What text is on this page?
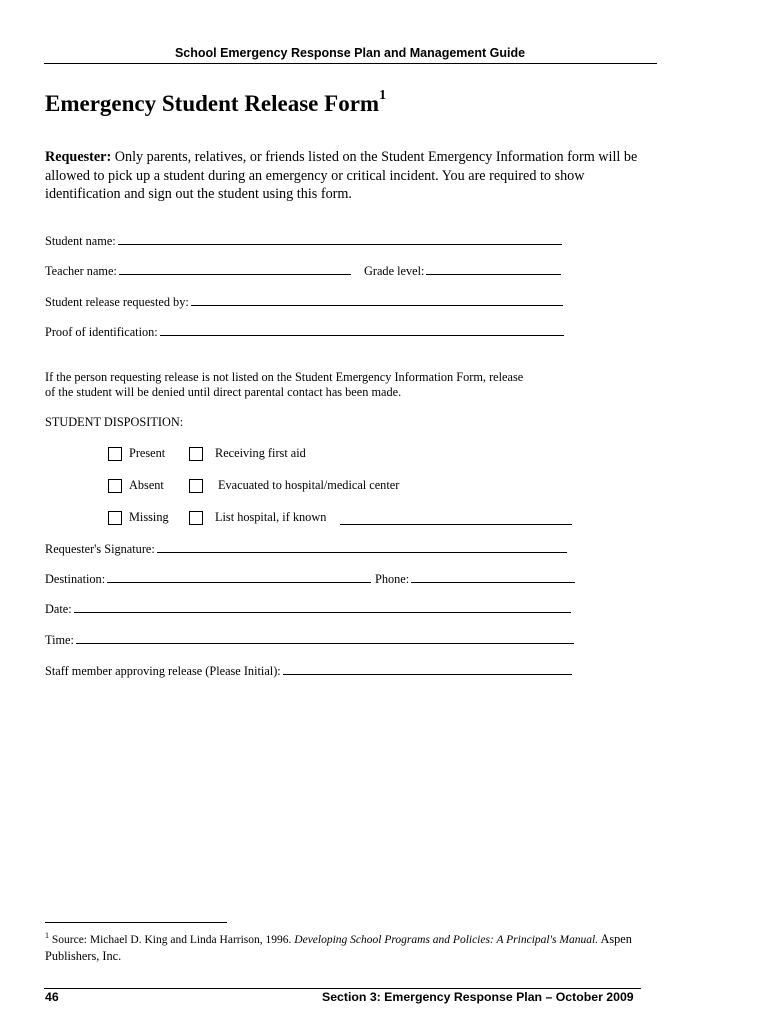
School Emergency Response Plan and Management Guide
Emergency Student Release Form$^1$
Requester: Only parents, relatives, or friends listed on the Student Emergency Information form will be allowed to pick up a student during an emergency or critical incident. You are required to show identification and sign out the student using this form.
Student name:
Teacher name:	Grade level:
Student release requested by:
Proof of identification:
If the person requesting release is not listed on the Student Emergency Information Form, release
of the student will be denied until direct parental contact has been made.
STUDENT DISPOSITION:
Present	Receiving first aid
Absent	Evacuated to hospital/medical center
Missing	List hospital, if known
Requester's Signature:
Destination:	Phone:
Date:
Time:
Staff member approving release (Please Initial):
$^1$ Source: Michael D. King and Linda Harrison, 1996. Developing School Programs and Policies: A Principal's Manual. Aspen
Publishers, Inc.
46	Section 3: Emergency Response Plan – October 2009
